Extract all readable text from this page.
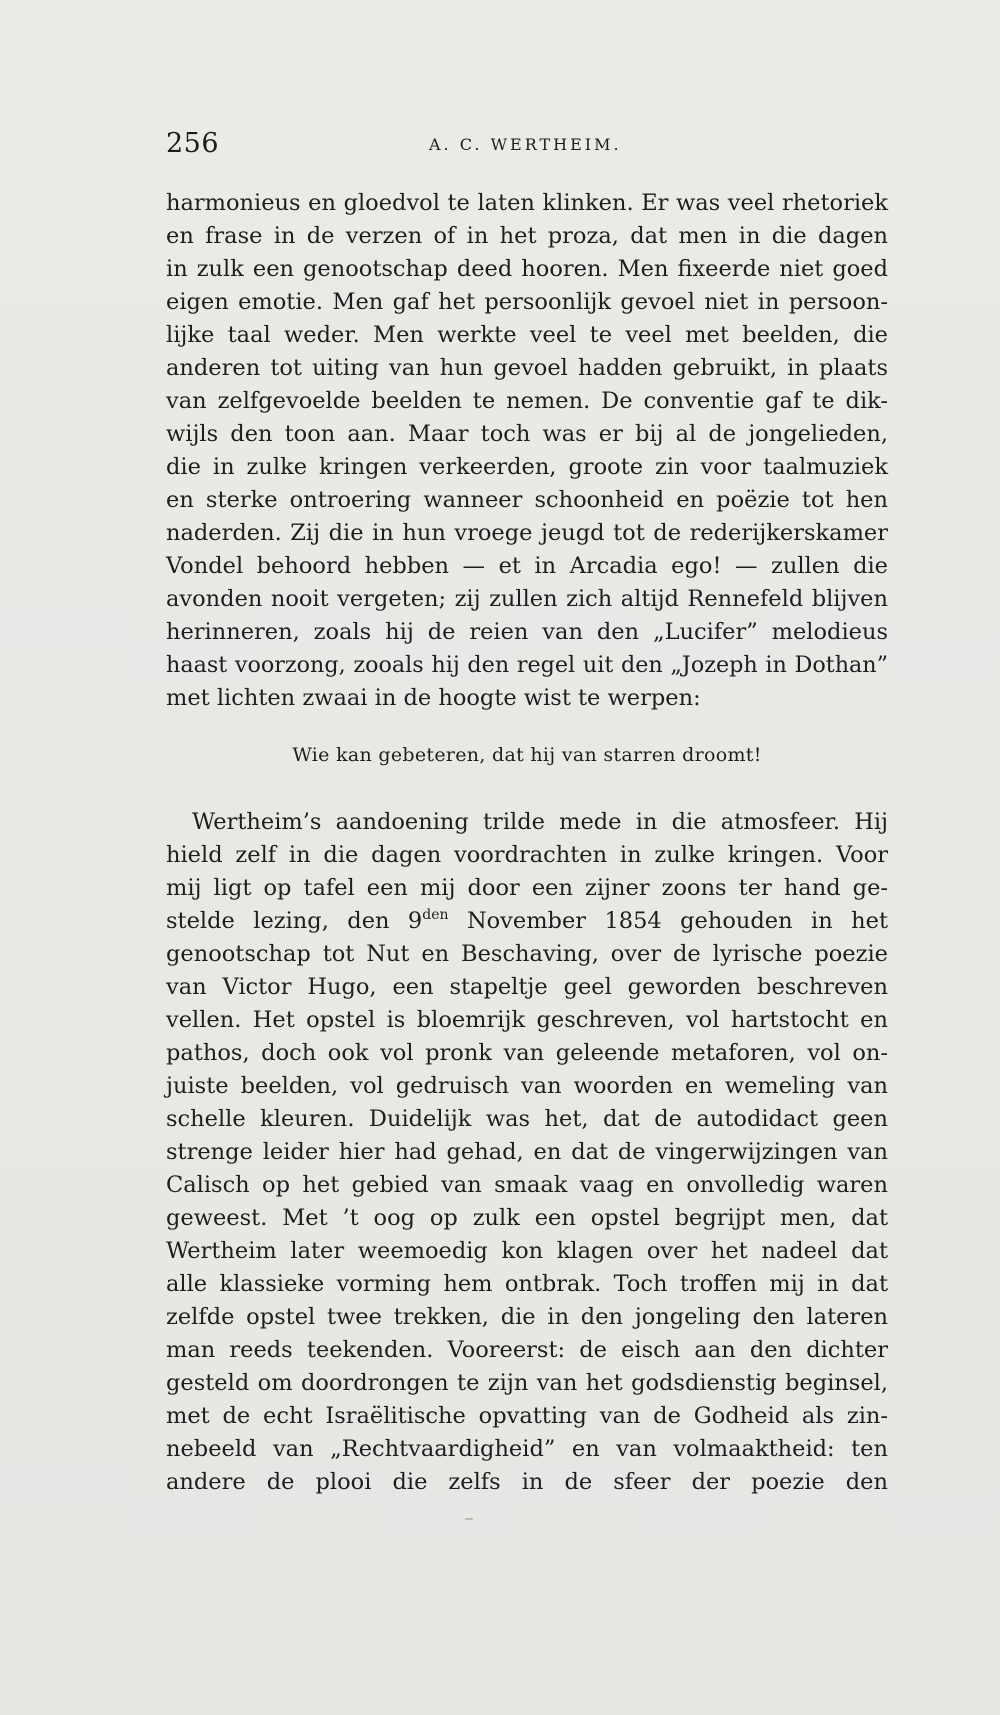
256	A. C. WERTHEIM.
harmonieus en gloedvol te laten klinken. Er was veel rhetoriek
en frase in de verzen of in het proza, dat men in die dagen
in zulk een genootschap deed hooren. Men fixeerde niet goed
eigen emotie. Men gaf het persoonlijk gevoel niet in persoon-
lijke taal weder. Men werkte veel te veel met beelden, die
anderen tot uiting van hun gevoel hadden gebruikt, in plaats
van zelfgevoelde beelden te nemen. De conventie gaf te dik-
wijls den toon aan. Maar toch was er bij al de jongelieden,
die in zulke kringen verkeerden, groote zin voor taalmuziek
en sterke ontroering wanneer schoonheid en poëzie tot hen
naderden. Zij die in hun vroege jeugd tot de rederijkerskamer
Vondel behoord hebben — et in Arcadia ego! — zullen die
avonden nooit vergeten; zij zullen zich altijd Rennefeld blijven
herinneren, zoals hij de reien van den „Lucifer” melodieus
haast voorzong, zooals hij den regel uit den „Jozeph in Dothan”
met lichten zwaai in de hoogte wist te werpen:
Wie kan gebeteren, dat hij van starren droomt!
Wertheim’s aandoening trilde mede in die atmosfeer. Hij
hield zelf in die dagen voordrachten in zulke kringen. Voor
mij ligt op tafel een mij door een zijner zoons ter hand ge-
stelde lezing, den $9^{den}$ November 1854 gehouden in het
genootschap tot Nut en Beschaving, over de lyrische poezie
van Victor Hugo, een stapeltje geel geworden beschreven
vellen. Het opstel is bloemrijk geschreven, vol hartstocht en
pathos, doch ook vol pronk van geleende metaforen, vol on-
juiste beelden, vol gedruisch van woorden en wemeling van
schelle kleuren. Duidelijk was het, dat de autodidact geen
strenge leider hier had gehad, en dat de vingerwijzingen van
Calisch op het gebied van smaak vaag en onvolledig waren
geweest. Met ’t oog op zulk een opstel begrijpt men, dat
Wertheim later weemoedig kon klagen over het nadeel dat
alle klassieke vorming hem ontbrak. Toch troffen mij in dat
zelfde opstel twee trekken, die in den jongeling den lateren
man reeds teekenden. Vooreerst: de eisch aan den dichter
gesteld om doordrongen te zijn van het godsdienstig beginsel,
met de echt Israëlitische opvatting van de Godheid als zin-
nebeeld van „Rechtvaardigheid” en van volmaaktheid: ten
andere de plooi die zelfs in de sfeer der poezie den
